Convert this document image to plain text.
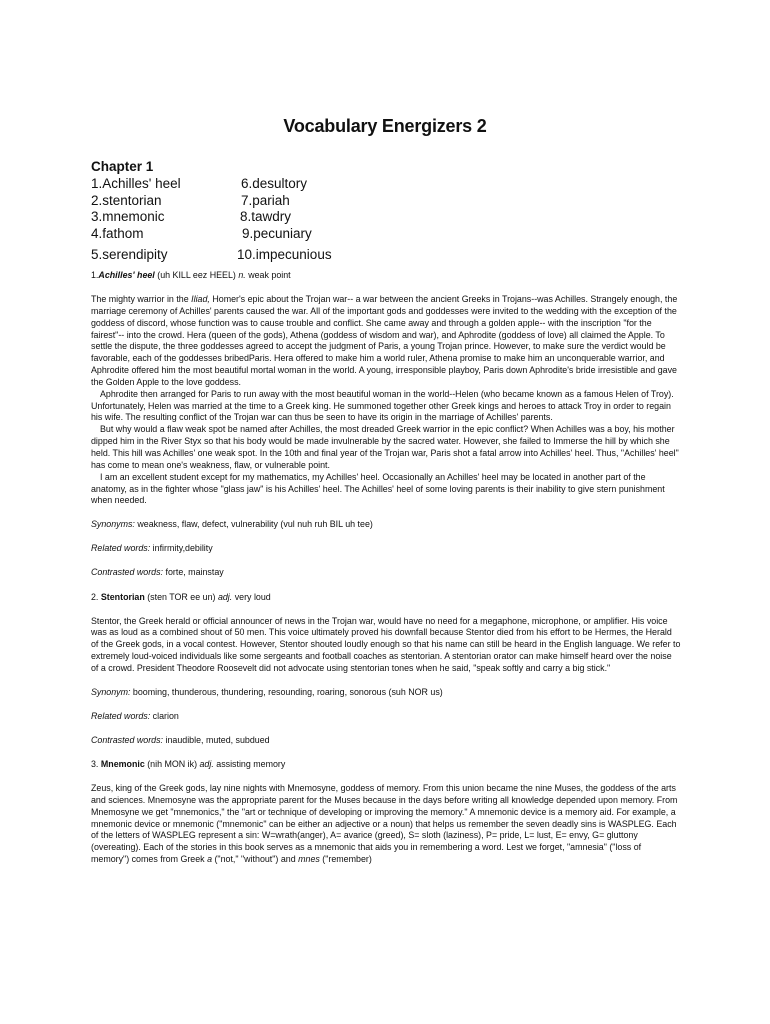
Vocabulary Energizers 2
Chapter 1
1.Achilles' heel	6.desultory
2.stentorian	7.pariah
3.mnemonic	8.tawdry
4.fathom	9.pecuniary
5.serendipity	10.impecunious

1.Achilles' heel (uh KILL eez HEEL) n. weak point

The mighty warrior in the Iliad, Homer's epic about the Trojan war-- a war between the ancient Greeks in Trojans--was Achilles. Strangely enough, the marriage ceremony of Achilles' parents caused the war. All of the important gods and goddesses were invited to the wedding with the exception of the goddess of discord, whose function was to cause trouble and conflict. She came away and through a golden apple-- with the inscription "for the fairest"-- into the crowd. Hera (queen of the gods), Athena (goddess of wisdom and war), and Aphrodite (goddess of love) all claimed the Apple. To settle the dispute, the three goddesses agreed to accept the judgment of Paris, a young Trojan prince. However, to make sure the verdict would be favorable, each of the goddesses bribedParis. Hera offered to make him a world ruler, Athena promise to make him an unconquerable warrior, and Aphrodite offered him the most beautiful mortal woman in the world. A young, irresponsible playboy, Paris down Aphrodite's bride irresistible and gave the Golden Apple to the love goddess.

Aphrodite then arranged for Paris to run away with the most beautiful woman in the world--Helen (who became known as a famous Helen of Troy). Unfortunately, Helen was married at the time to a Greek king. He summoned together other Greek kings and heroes to attack Troy in order to regain his wife. The resulting conflict of the Trojan war can thus be seen to have its origin in the marriage of Achilles' parents.

But why would a flaw weak spot be named after Achilles, the most dreaded Greek warrior in the epic conflict? When Achilles was a boy, his mother dipped him in the River Styx so that his body would be made invulnerable by the sacred water. However, she failed to Immerse the hill by which she held. This hill was Achilles' one weak spot. In the 10th and final year of the Trojan war, Paris shot a fatal arrow into Achilles' heel. Thus, "Achilles' heel" has come to mean one's weakness, flaw, or vulnerable point.

I am an excellent student except for my mathematics, my Achilles' heel. Occasionally an Achilles' heel may be located in another part of the anatomy, as in the fighter whose "glass jaw" is his Achilles' heel. The Achilles' heel of some loving parents is their inability to give stern punishment when needed.

Synonyms: weakness, flaw, defect, vulnerability (vul nuh ruh BIL uh tee)

Related words: infirmity,debility

Contrasted words: forte, mainstay

2. Stentorian (sten TOR ee un) adj. very loud

Stentor, the Greek herald or official announcer of news in the Trojan war, would have no need for a megaphone, microphone, or amplifier. His voice was as loud as a combined shout of 50 men. This voice ultimately proved his downfall because Stentor died from his effort to be Hermes, the Herald of the Greek gods, in a vocal contest. However, Stentor shouted loudly enough so that his name can still be heard in the English language. We refer to extremely loud-voiced individuals like some sergeants and football coaches as stentorian. A stentorian orator can make himself heard over the noise of a crowd. President Theodore Roosevelt did not advocate using stentorian tones when he said, "speak softly and carry a big stick."

Synonym: booming, thunderous, thundering, resounding, roaring, sonorous (suh NOR us)

Related words: clarion

Contrasted words: inaudible, muted, subdued

3. Mnemonic (nih MON ik) adj. assisting memory

Zeus, king of the Greek gods, lay nine nights with Mnemosyne, goddess of memory. From this union became the nine Muses, the goddess of the arts and sciences. Mnemosyne was the appropriate parent for the Muses because in the days before writing all knowledge depended upon memory. From Mnemosyne we get "mnemonics," the "art or technique of developing or improving the memory." A mnemonic device is a memory aid. For example, a mnemonic device or mnemonic ("mnemonic" can be either an adjective or a noun) that helps us remember the seven deadly sins is WASPLEG. Each of the letters of WASPLEG represent a sin: W=wrath(anger), A= avarice (greed), S= sloth (laziness), P= pride, L= lust, E= envy, G= gluttony (overeating). Each of the stories in this book serves as a mnemonic that aids you in remembering a word. Lest we forget, "amnesia" ("loss of memory") comes from Greek a ("not," "without") and mnes ("remember)
